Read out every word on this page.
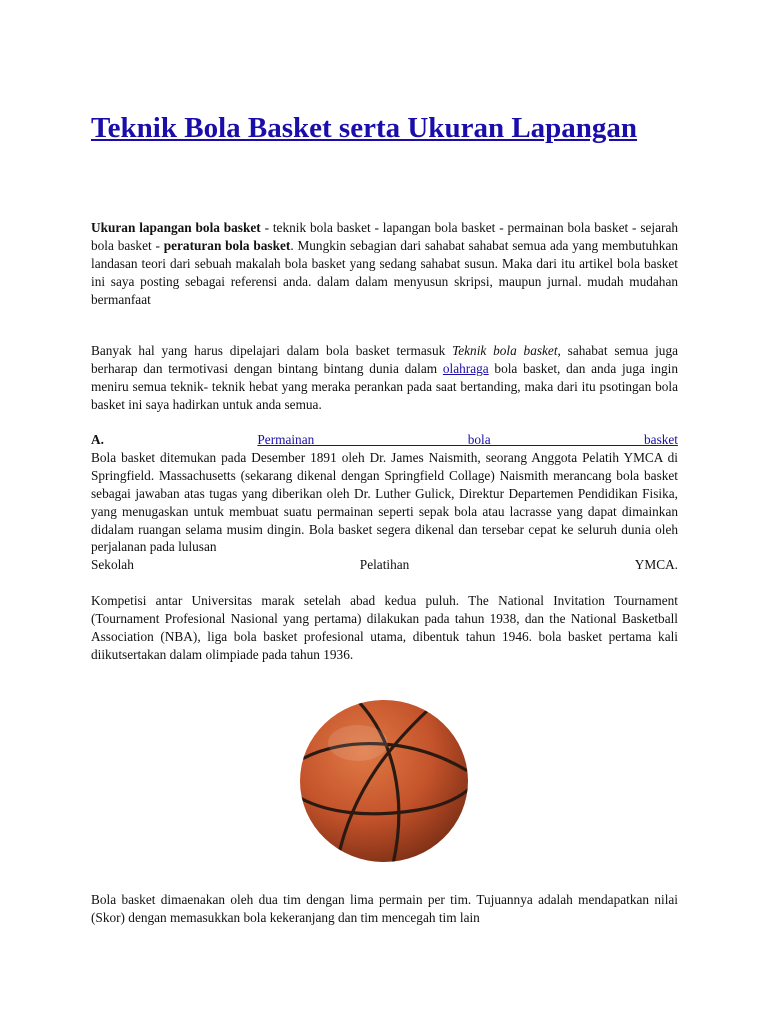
Teknik Bola Basket serta Ukuran Lapangan

Ukuran lapangan bola basket - teknik bola basket - lapangan bola basket - permainan bola basket - sejarah bola basket - peraturan bola basket. Mungkin sebagian dari sahabat sahabat semua ada yang membutuhkan landasan teori dari sebuah makalah bola basket yang sedang sahabat susun. Maka dari itu artikel bola basket ini saya posting sebagai referensi anda. dalam dalam menyusun skripsi, maupun jurnal. mudah mudahan bermanfaat

Banyak hal yang harus dipelajari dalam bola basket termasuk Teknik bola basket, sahabat semua juga berharap dan termotivasi dengan bintang bintang dunia dalam olahraga bola basket, dan anda juga ingin meniru semua teknik- teknik hebat yang meraka perankan pada saat bertanding, maka dari itu psotingan bola basket ini saya hadirkan untuk anda semua.

A.	Permainan bola basket
Bola basket ditemukan pada Desember 1891 oleh Dr. James Naismith, seorang Anggota Pelatih YMCA di Springfield. Massachusetts (sekarang dikenal dengan Springfield Collage) Naismith merancang bola basket sebagai jawaban atas tugas yang diberikan oleh Dr. Luther Gulick, Direktur Departemen Pendidikan Fisika, yang menugaskan untuk membuat suatu permainan seperti sepak bola atau lacrasse yang dapat dimainkan didalam ruangan selama musim dingin. Bola basket segera dikenal dan tersebar cepat ke seluruh dunia oleh perjalanan pada lulusan
Sekolah Pelatihan YMCA.

Kompetisi antar Universitas marak setelah abad kedua puluh. The National Invitation Tournament (Tournament Profesional Nasional yang pertama) dilakukan pada tahun 1938, dan the National Basketball Association (NBA), liga bola basket profesional utama, dibentuk tahun 1946. bola basket pertama kali diikutsertakan dalam olimpiade pada tahun 1936.

Bola basket dimaenakan oleh dua tim dengan lima permain per tim. Tujuannya adalah mendapatkan nilai (Skor) dengan memasukkan bola kekeranjang dan tim mencegah tim lain
